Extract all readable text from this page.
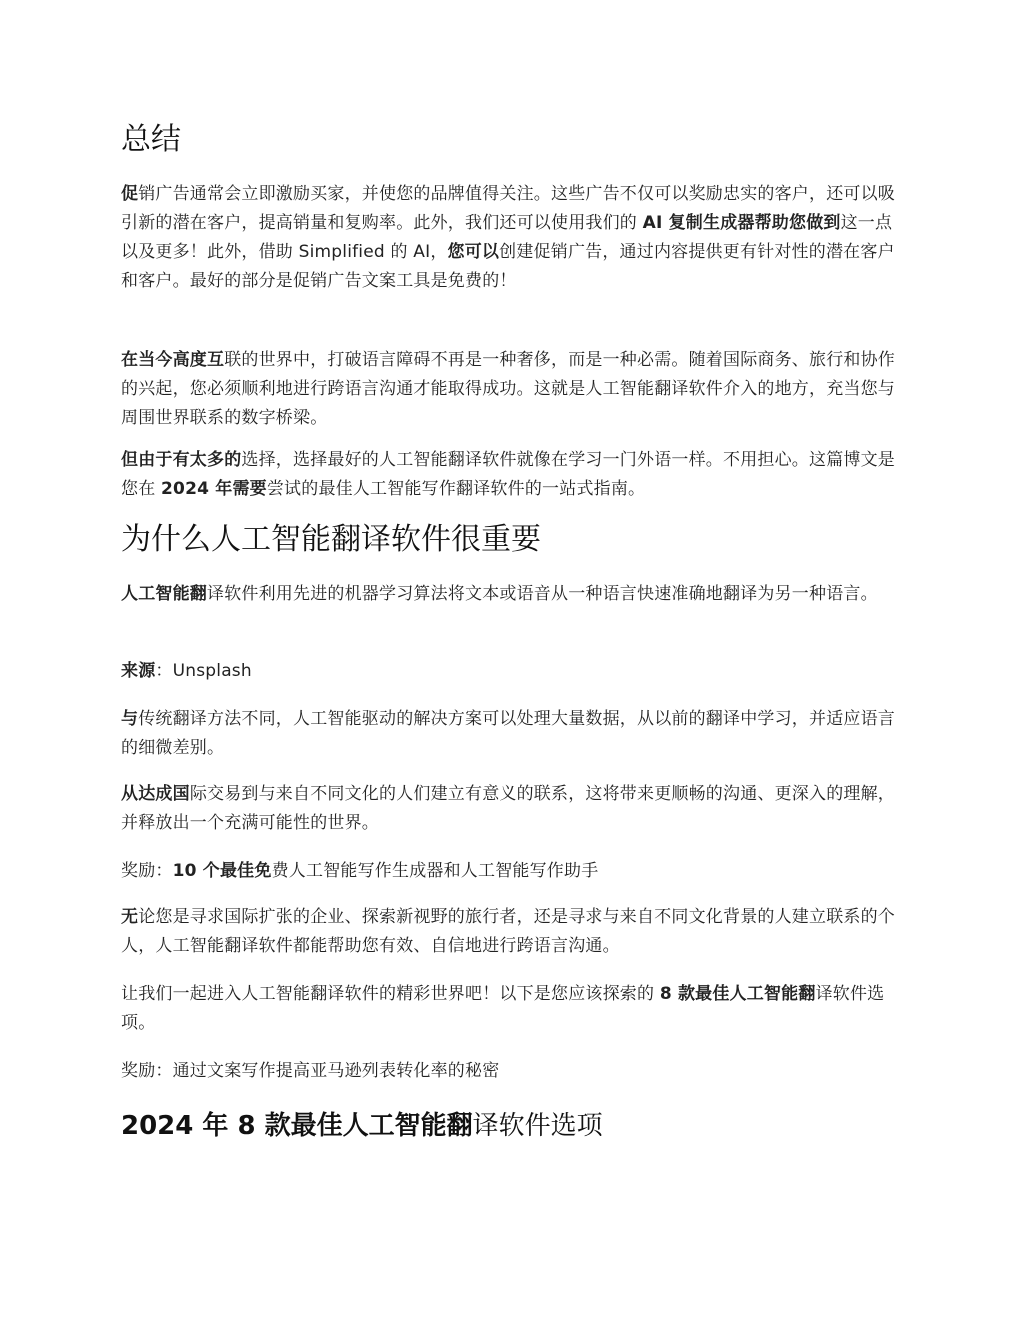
总结

促销广告通常会立即激励买家，并使您的品牌值得关注。这些广告不仅可以奖励忠实的客户，还可以吸引新的潜在客户，提高销量和复购率。此外，我们还可以使用我们的 AI 复制生成器帮助您做到这一点以及更多！此外，借助 Simplified 的 AI，您可以创建促销广告，通过内容提供更有针对性的潜在客户和客户。最好的部分是促销广告文案工具是免费的！

在当今高度互联的世界中，打破语言障碍不再是一种奢侈，而是一种必需。随着国际商务、旅行和协作的兴起，您必须顺利地进行跨语言沟通才能取得成功。这就是人工智能翻译软件介入的地方，充当您与周围世界联系的数字桥梁。

但由于有太多的选择，选择最好的人工智能翻译软件就像在学习一门外语一样。不用担心。这篇博文是您在 2024 年需要尝试的最佳人工智能写作翻译软件的一站式指南。

为什么人工智能翻译软件很重要

人工智能翻译软件利用先进的机器学习算法将文本或语音从一种语言快速准确地翻译为另一种语言。

来源：Unsplash

与传统翻译方法不同，人工智能驱动的解决方案可以处理大量数据，从以前的翻译中学习，并适应语言的细微差别。

从达成国际交易到与来自不同文化的人们建立有意义的联系，这将带来更顺畅的沟通、更深入的理解，并释放出一个充满可能性的世界。

奖励：10 个最佳免费人工智能写作生成器和人工智能写作助手

无论您是寻求国际扩张的企业、探索新视野的旅行者，还是寻求与来自不同文化背景的人建立联系的个人，人工智能翻译软件都能帮助您有效、自信地进行跨语言沟通。

让我们一起进入人工智能翻译软件的精彩世界吧！以下是您应该探索的 8 款最佳人工智能翻译软件选项。

奖励：通过文案写作提高亚马逊列表转化率的秘密

2024 年 8 款最佳人工智能翻译软件选项
